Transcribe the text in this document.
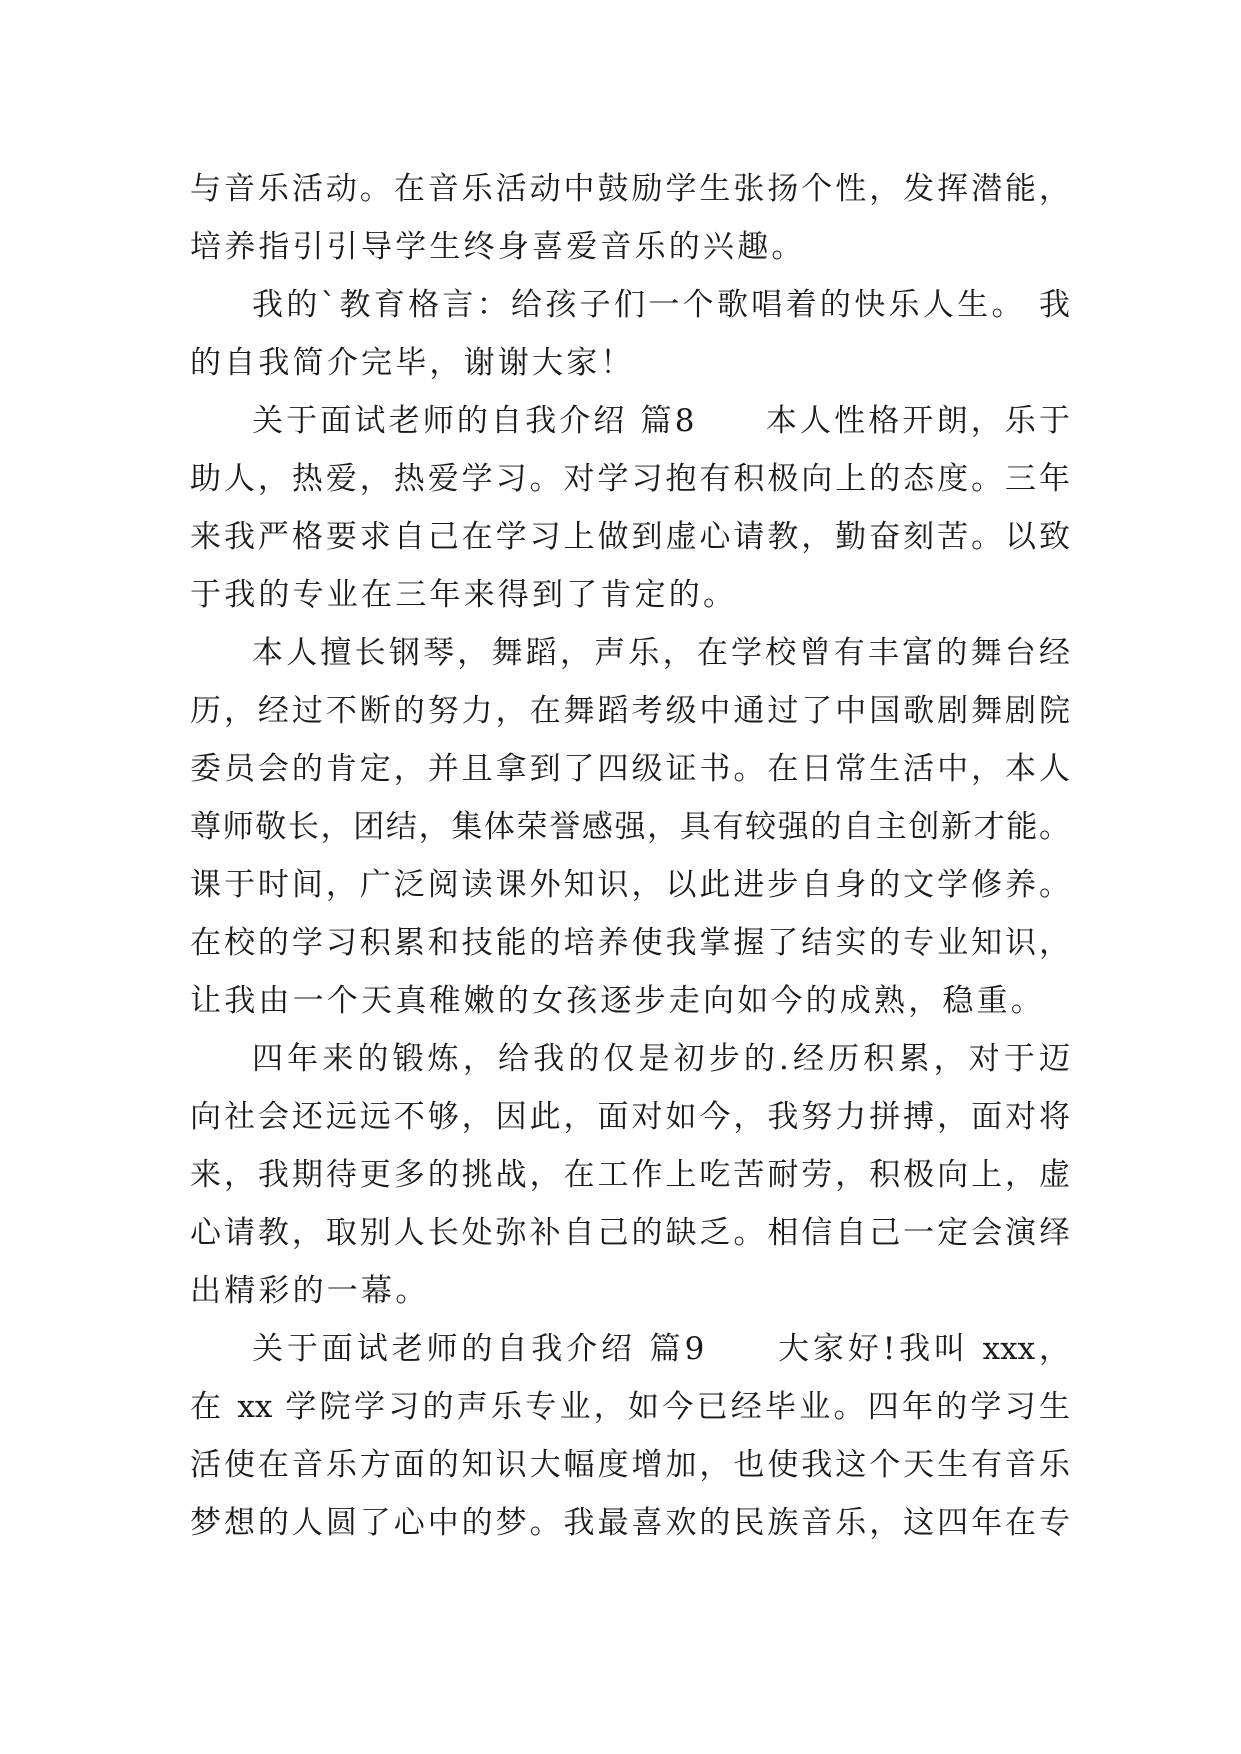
与音乐活动。在音乐活动中鼓励学生张扬个性，发挥潜能，
培养指引引导学生终身喜爱音乐的兴趣。
我的`教育格言：给孩子们一个歌唱着的快乐人生。 我
的自我简介完毕，谢谢大家！
关于面试老师的自我介绍 篇8　　本人性格开朗，乐于
助人，热爱，热爱学习。对学习抱有积极向上的态度。三年
来我严格要求自己在学习上做到虚心请教，勤奋刻苦。以致
于我的专业在三年来得到了肯定的。
本人擅长钢琴，舞蹈，声乐，在学校曾有丰富的舞台经
历，经过不断的努力，在舞蹈考级中通过了中国歌剧舞剧院
委员会的肯定，并且拿到了四级证书。在日常生活中，本人
尊师敬长，团结，集体荣誉感强，具有较强的自主创新才能。
课于时间，广泛阅读课外知识，以此进步自身的文学修养。
在校的学习积累和技能的培养使我掌握了结实的专业知识，
让我由一个天真稚嫩的女孩逐步走向如今的成熟，稳重。
四年来的锻炼，给我的仅是初步的.经历积累，对于迈
向社会还远远不够，因此，面对如今，我努力拼搏，面对将
来，我期待更多的挑战，在工作上吃苦耐劳，积极向上，虚
心请教，取别人长处弥补自己的缺乏。相信自己一定会演绎
出精彩的一幕。
关于面试老师的自我介绍 篇9　　大家好!我叫 xxx，
在 xx 学院学习的声乐专业，如今已经毕业。四年的学习生
活使在音乐方面的知识大幅度增加，也使我这个天生有音乐
梦想的人圆了心中的梦。我最喜欢的民族音乐，这四年在专
